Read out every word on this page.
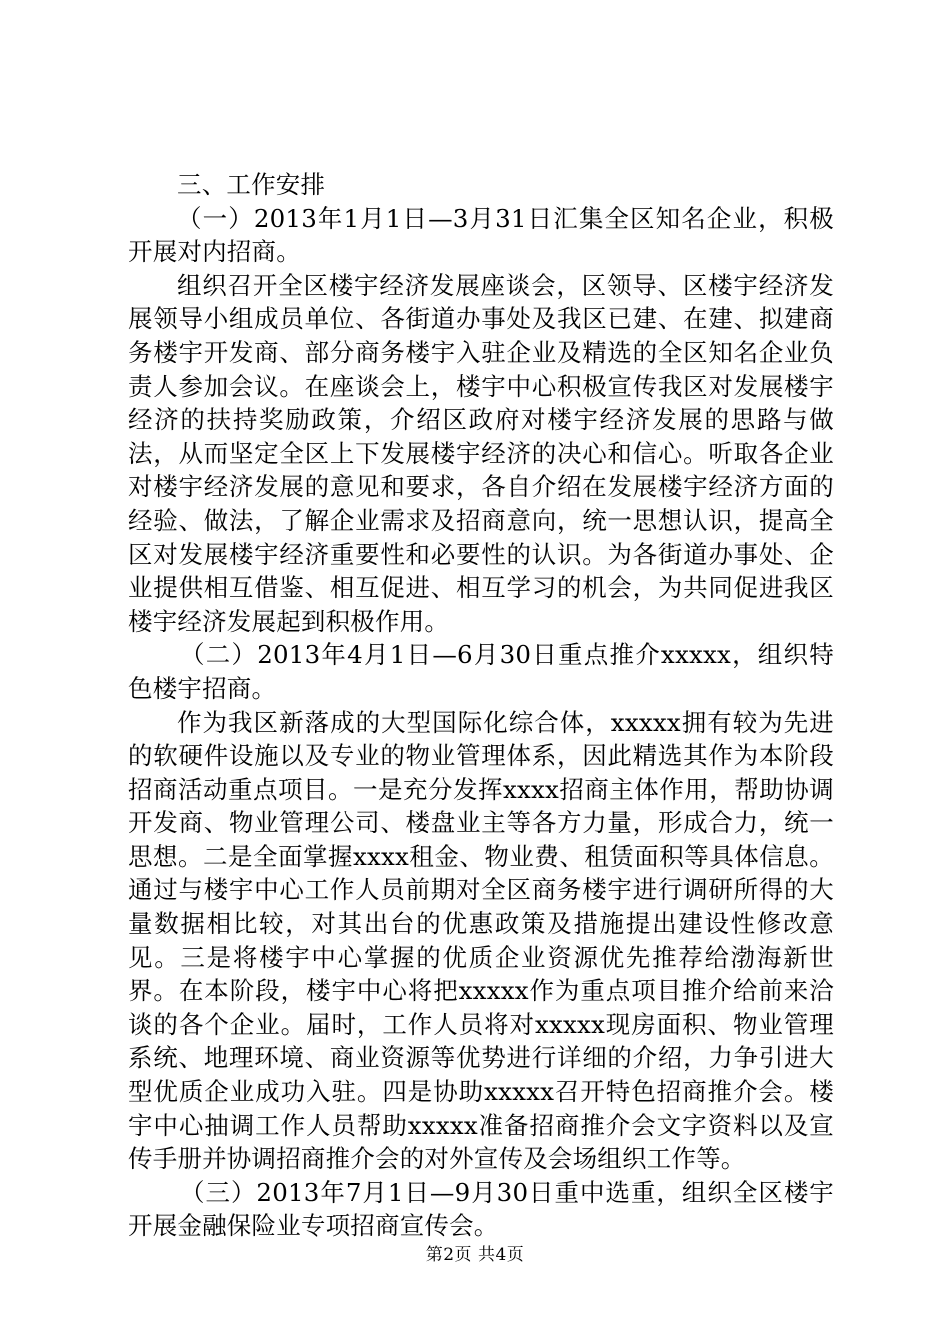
三、工作安排

（一）2013年1月1日—3月31日汇集全区知名企业，积极开展对内招商。

组织召开全区楼宇经济发展座谈会，区领导、区楼宇经济发展领导小组成员单位、各街道办事处及我区已建、在建、拟建商务楼宇开发商、部分商务楼宇入驻企业及精选的全区知名企业负责人参加会议。在座谈会上，楼宇中心积极宣传我区对发展楼宇经济的扶持奖励政策，介绍区政府对楼宇经济发展的思路与做法，从而坚定全区上下发展楼宇经济的决心和信心。听取各企业对楼宇经济发展的意见和要求，各自介绍在发展楼宇经济方面的经验、做法，了解企业需求及招商意向，统一思想认识，提高全区对发展楼宇经济重要性和必要性的认识。为各街道办事处、企业提供相互借鉴、相互促进、相互学习的机会，为共同促进我区楼宇经济发展起到积极作用。

（二）2013年4月1日—6月30日重点推介xxxxx，组织特色楼宇招商。

作为我区新落成的大型国际化综合体，xxxxx拥有较为先进的软硬件设施以及专业的物业管理体系，因此精选其作为本阶段招商活动重点项目。一是充分发挥xxxx招商主体作用，帮助协调开发商、物业管理公司、楼盘业主等各方力量，形成合力，统一思想。二是全面掌握xxxx租金、物业费、租赁面积等具体信息。通过与楼宇中心工作人员前期对全区商务楼宇进行调研所得的大量数据相比较，对其出台的优惠政策及措施提出建设性修改意见。三是将楼宇中心掌握的优质企业资源优先推荐给渤海新世界。在本阶段，楼宇中心将把xxxxx作为重点项目推介给前来洽谈的各个企业。届时，工作人员将对xxxxx现房面积、物业管理系统、地理环境、商业资源等优势进行详细的介绍，力争引进大型优质企业成功入驻。四是协助xxxxx召开特色招商推介会。楼宇中心抽调工作人员帮助xxxxx准备招商推介会文字资料以及宣传手册并协调招商推介会的对外宣传及会场组织工作等。

（三）2013年7月1日—9月30日重中选重，组织全区楼宇开展金融保险业专项招商宣传会。

第2页 共4页
